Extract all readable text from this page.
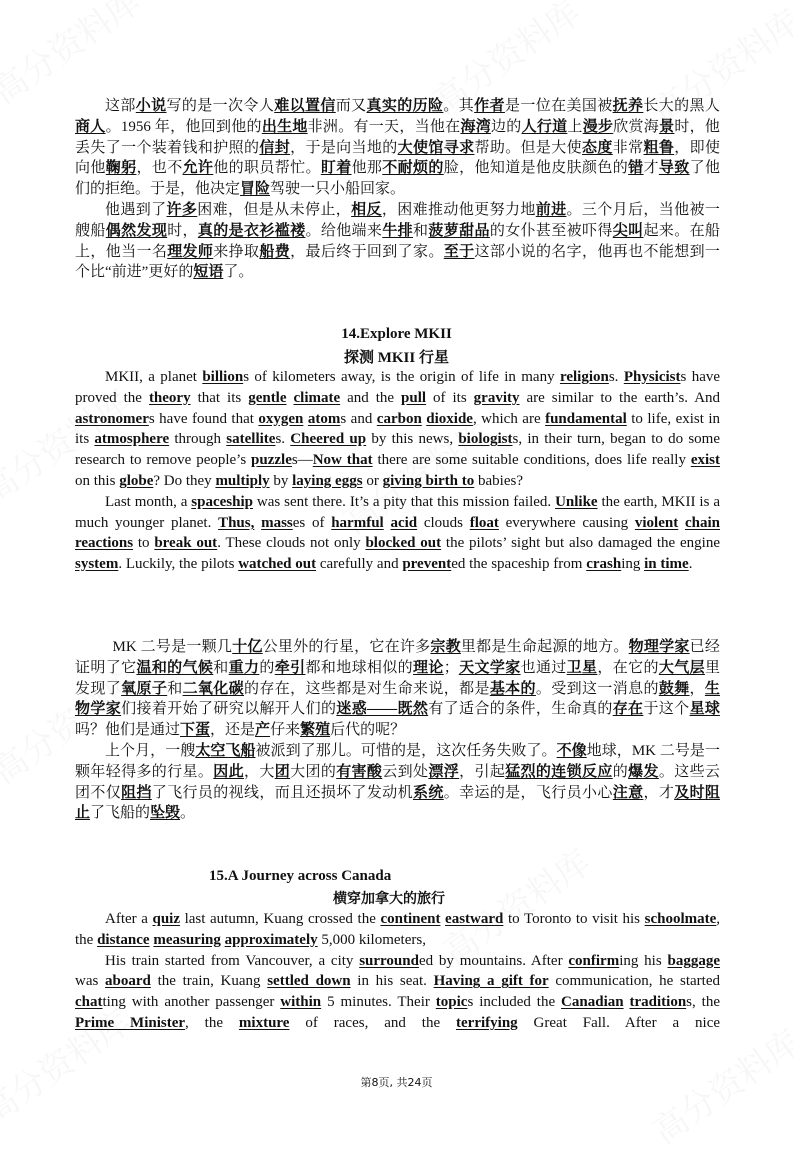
这部小说写的是一次令人难以置信而又真实的历险。其作者是一位在美国被抚养长大的黑人商人。1956 年，他回到他的出生地非洲。有一天，当他在海湾边的人行道上漫步欣赏海景时，他丢失了一个装着钱和护照的信封，于是向当地的大使馆寻求帮助。但是大使态度非常粗鲁，即使向他鞠躬，也不允许他的职员帮忙。盯着他那不耐烦的脸，他知道是他皮肤颜色的错才导致了他们的拒绝。于是，他决定冒险驾驶一只小船回家。

他遇到了许多困难，但是从未停止，相反，困难推动他更努力地前进。三个月后，当他被一艘船偶然发现时，真的是衣衫褴褛。给他端来牛排和菠萝甜品的女仆甚至被吓得尖叫起来。在船上，他当一名理发师来挣取船费，最后终于回到了家。至于这部小说的名字，他再也不能想到一个比“前进”更好的短语了。

14.Explore MKII
探测 MKII 行星

MKII, a planet billions of kilometers away, is the origin of life in many religions. Physicists have proved the theory that its gentle climate and the pull of its gravity are similar to the earth’s. And astronomers have found that oxygen atoms and carbon dioxide, which are fundamental to life, exist in its atmosphere through satellites. Cheered up by this news, biologists, in their turn, began to do some research to remove people’s puzzles—Now that there are some suitable conditions, does life really exist on this globe? Do they multiply by laying eggs or giving birth to babies?

Last month, a spaceship was sent there. It’s a pity that this mission failed. Unlike the earth, MKII is a much younger planet. Thus, masses of harmful acid clouds float everywhere causing violent chain reactions to break out. These clouds not only blocked out the pilots’ sight but also damaged the engine system. Luckily, the pilots watched out carefully and prevented the spaceship from crashing in time.

MK 二号是一颗几十亿公里外的行星，它在许多宗教里都是生命起源的地方。物理学家已经证明了它温和的气候和重力的牵引都和地球相似的理论；天文学家也通过卫星，在它的大气层里发现了氧原子和二氧化碳的存在，这些都是对生命来说，都是基本的。受到这一消息的鼓舞，生物学家们接着开始了研究以解开人们的迷惑——既然有了适合的条件，生命真的存在于这个星球吗？他们是通过下蛋，还是产仔来繁殖后代的呢？

上个月，一艘太空飞船被派到了那儿。可惜的是，这次任务失败了。不像地球，MK 二号是一颗年轻得多的行星。因此，大团大团的有害酸云到处漂浮，引起猛烈的连锁反应的爆发。这些云团不仅阻挡了飞行员的视线，而且还损坏了发动机系统。幸运的是，飞行员小心注意，才及时阻止了飞船的坠毁。

15.A Journey across Canada
横穿加拿大的旅行

After a quiz last autumn, Kuang crossed the continent eastward to Toronto to visit his schoolmate, the distance measuring approximately 5,000 kilometers,

His train started from Vancouver, a city surrounded by mountains. After confirming his baggage was aboard the train, Kuang settled down in his seat. Having a gift for communication, he started chatting with another passenger within 5 minutes. Their topics included the Canadian traditions, the Prime Minister, the mixture of races, and the terrifying Great Fall. After a nice

第8页, 共24页
